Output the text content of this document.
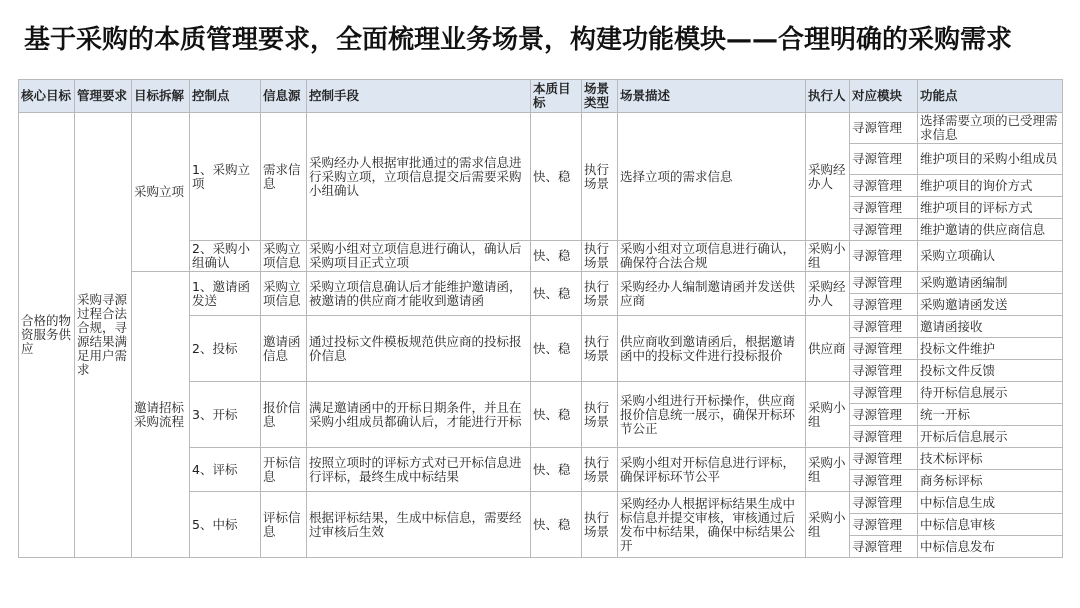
基于采购的本质管理要求，全面梳理业务场景，构建功能模块——合理明确的采购需求
核心目标	管理要求	目标拆解	控制点	信息源	控制手段	本质目标	场景类型	场景描述	执行人	对应模块	功能点
合格的物资服务供应	采购寻源过程合法合规，寻源结果满足用户需求	采购立项	1、采购立项	需求信息	采购经办人根据审批通过的需求信息进行采购立项，立项信息提交后需要采购小组确认	快、稳	执行场景	选择立项的需求信息	采购经办人	寻源管理	选择需要立项的已受理需求信息
										寻源管理	维护项目的采购小组成员
										寻源管理	维护项目的询价方式
										寻源管理	维护项目的评标方式
										寻源管理	维护邀请的供应商信息
			2、采购小组确认	采购立项信息	采购小组对立项信息进行确认，确认后采购项目正式立项	快、稳	执行场景	采购小组对立项信息进行确认，确保符合法合规	采购小组	寻源管理	采购立项确认
		邀请招标采购流程	1、邀请函发送	采购立项信息	采购立项信息确认后才能维护邀请函，被邀请的供应商才能收到邀请函	快、稳	执行场景	采购经办人编制邀请函并发送供应商	采购经办人	寻源管理	采购邀请函编制
										寻源管理	采购邀请函发送
			2、投标	邀请函信息	通过投标文件模板规范供应商的投标报价信息	快、稳	执行场景	供应商收到邀请函后，根据邀请函中的投标文件进行投标报价	供应商	寻源管理	邀请函接收
										寻源管理	投标文件维护
										寻源管理	投标文件反馈
			3、开标	报价信息	满足邀请函中的开标日期条件，并且在采购小组成员都确认后，才能进行开标	快、稳	执行场景	采购小组进行开标操作，供应商报价信息统一展示，确保开标环节公正	采购小组	寻源管理	待开标信息展示
										寻源管理	统一开标
										寻源管理	开标后信息展示
			4、评标	开标信息	按照立项时的评标方式对已开标信息进行评标，最终生成中标结果	快、稳	执行场景	采购小组对开标信息进行评标，确保评标环节公平	采购小组	寻源管理	技术标评标
										寻源管理	商务标评标
			5、中标	评标信息	根据评标结果，生成中标信息，需要经过审核后生效	快、稳	执行场景	采购经办人根据评标结果生成中标信息并提交审核，审核通过后发布中标结果，确保中标结果公开	采购小组	寻源管理	中标信息生成
										寻源管理	中标信息审核
										寻源管理	中标信息发布
